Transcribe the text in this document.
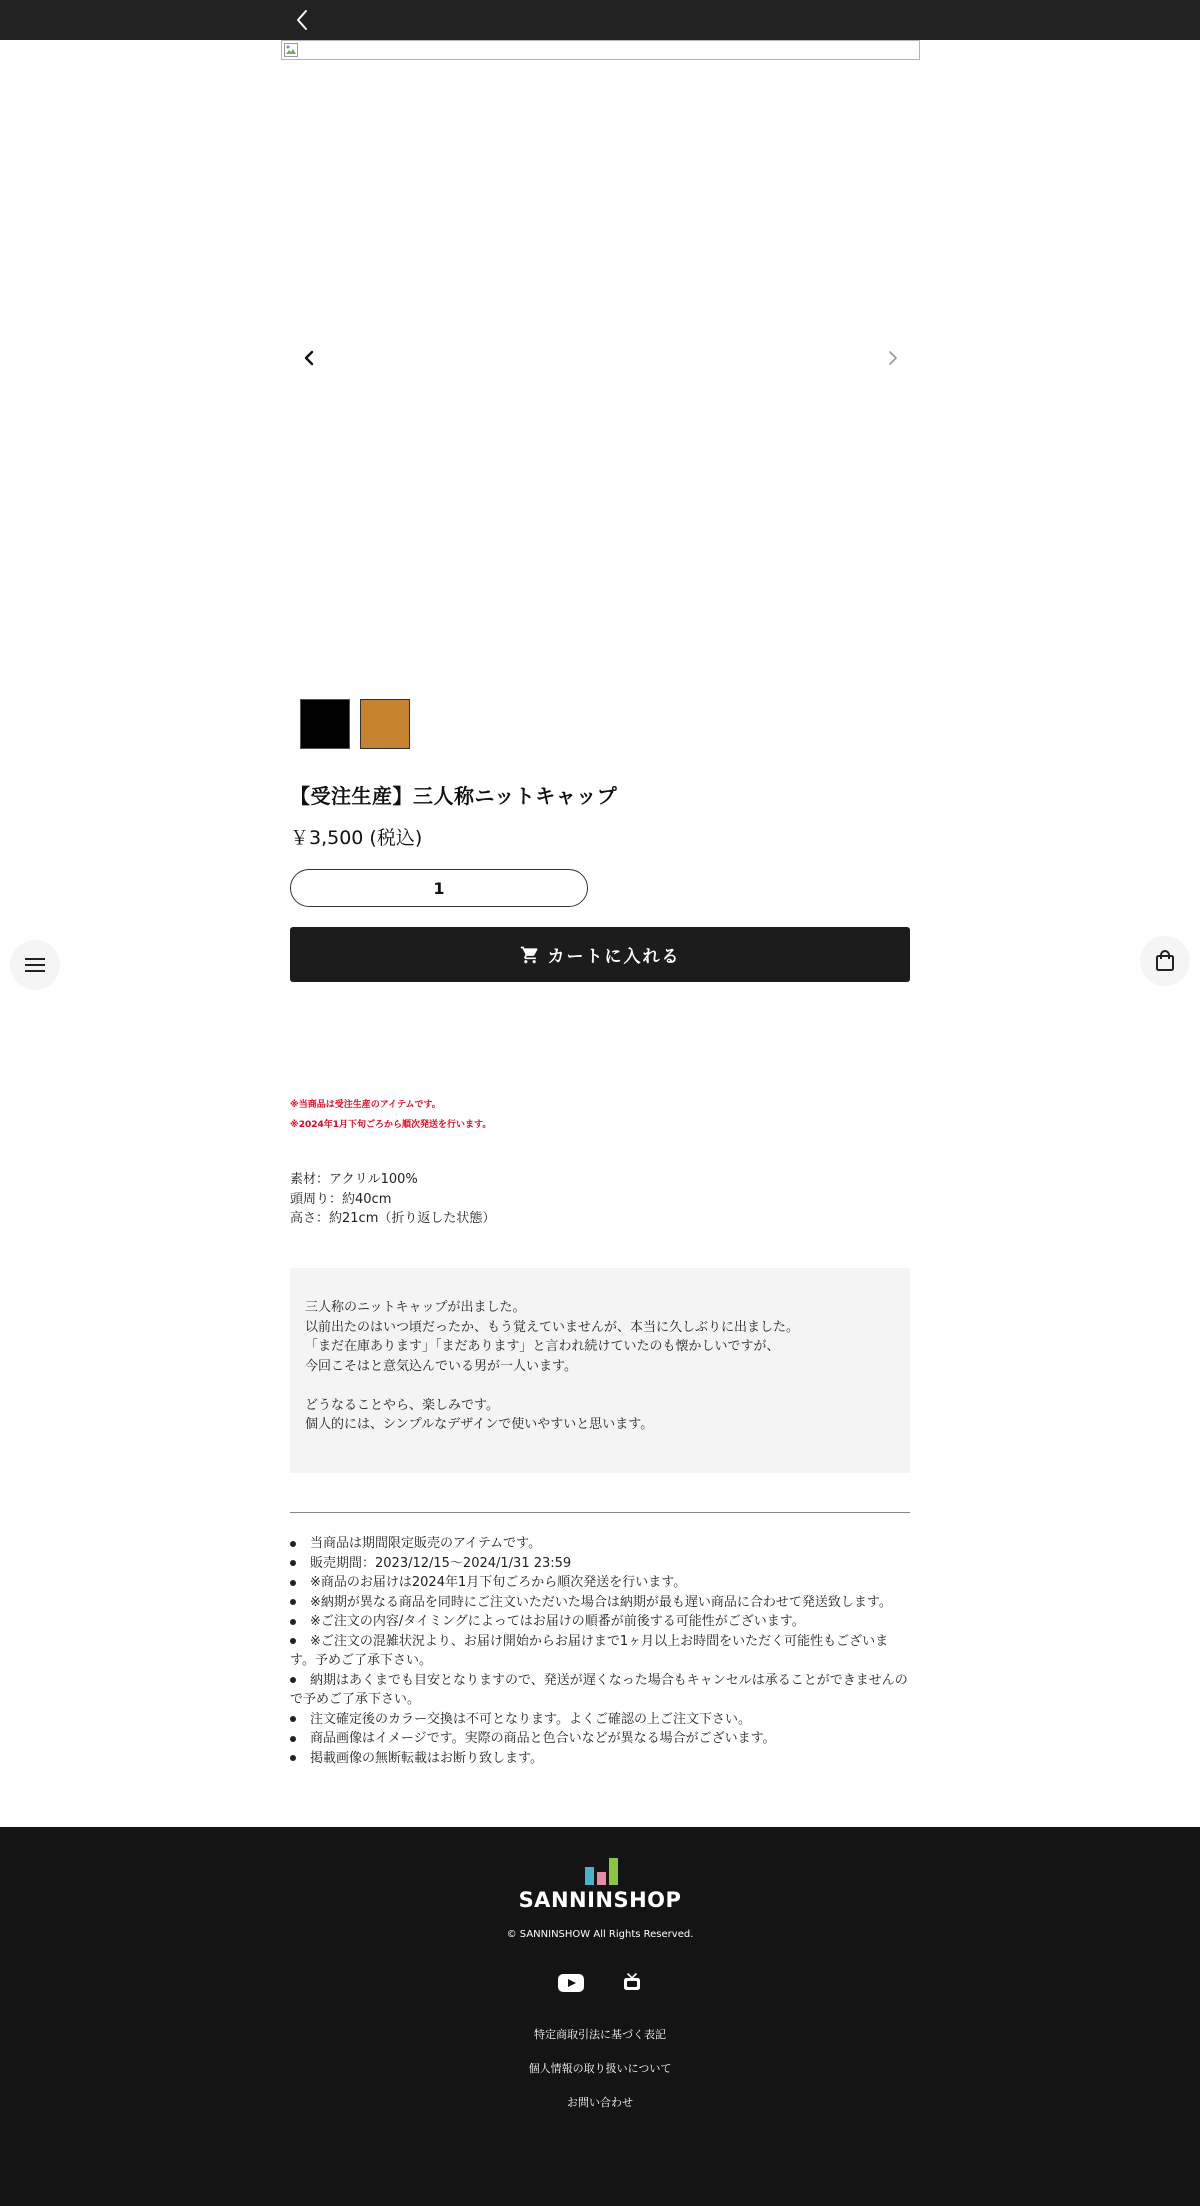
【受注生産】三人称ニットキャップ
￥3,500 (税込)
1
カートに入れる
※当商品は受注生産のアイテムです。
※2024年1月下旬ごろから順次発送を行います。
素材：アクリル100%
頭周り：約40cm
高さ：約21cm（折り返した状態）
三人称のニットキャップが出ました。
以前出たのはいつ頃だったか、もう覚えていませんが、本当に久しぶりに出ました。
「まだ在庫あります」「まだあります」と言われ続けていたのも懐かしいですが、
今回こそはと意気込んでいる男が一人います。
どうなることやら、楽しみです。
個人的には、シンプルなデザインで使いやすいと思います。
当商品は期間限定販売のアイテムです。
販売期間：2023/12/15～2024/1/31 23:59
※商品のお届けは2024年1月下旬ごろから順次発送を行います。
※納期が異なる商品を同時にご注文いただいた場合は納期が最も遅い商品に合わせて発送致します。
※ご注文の内容/タイミングによってはお届けの順番が前後する可能性がございます。
※ご注文の混雑状況より、お届け開始からお届けまで1ヶ月以上お時間をいただく可能性もございます。予めご了承下さい。
納期はあくまでも目安となりますので、発送が遅くなった場合もキャンセルは承ることができませんので予めご了承下さい。
注文確定後のカラー交換は不可となります。よくご確認の上ご注文下さい。
商品画像はイメージです。実際の商品と色合いなどが異なる場合がございます。
掲載画像の無断転載はお断り致します。
SANNINSHOP
© SANNINSHOW All Rights Reserved.
特定商取引法に基づく表記
個人情報の取り扱いについて
お問い合わせ
